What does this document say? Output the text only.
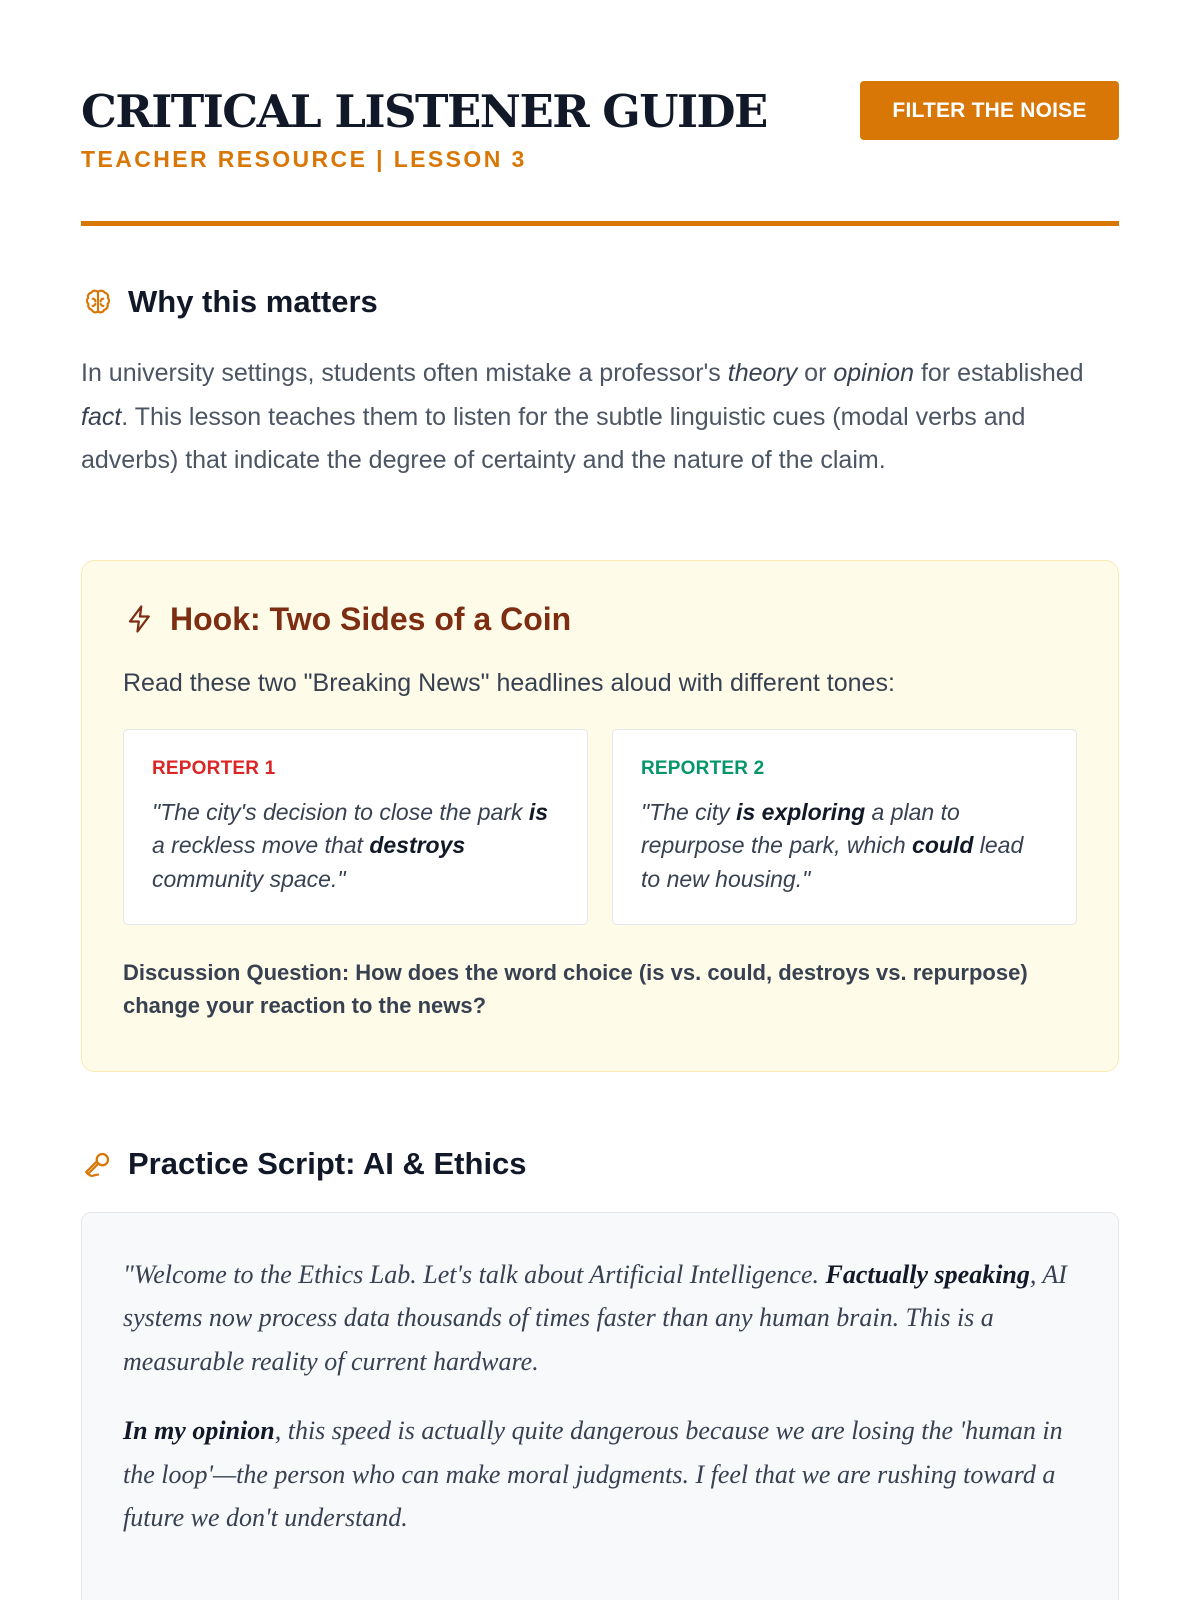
CRITICAL LISTENER GUIDE
TEACHER RESOURCE | LESSON 3
FILTER THE NOISE
Why this matters

In university settings, students often mistake a professor's theory or opinion for established fact. This lesson teaches them to listen for the subtle linguistic cues (modal verbs and adverbs) that indicate the degree of certainty and the nature of the claim.

Hook: Two Sides of a Coin
Read these two "Breaking News" headlines aloud with different tones:
REPORTER 1
"The city's decision to close the park is a reckless move that destroys community space."
REPORTER 2
"The city is exploring a plan to repurpose the park, which could lead to new housing."
Discussion Question: How does the word choice (is vs. could, destroys vs. repurpose) change your reaction to the news?
Practice Script: AI & Ethics

"Welcome to the Ethics Lab. Let's talk about Artificial Intelligence. Factually speaking, AI systems now process data thousands of times faster than any human brain. This is a measurable reality of current hardware.

In my opinion, this speed is actually quite dangerous because we are losing the 'human in the loop'—the person who can make moral judgments. I feel that we are rushing toward a future we don't understand.
